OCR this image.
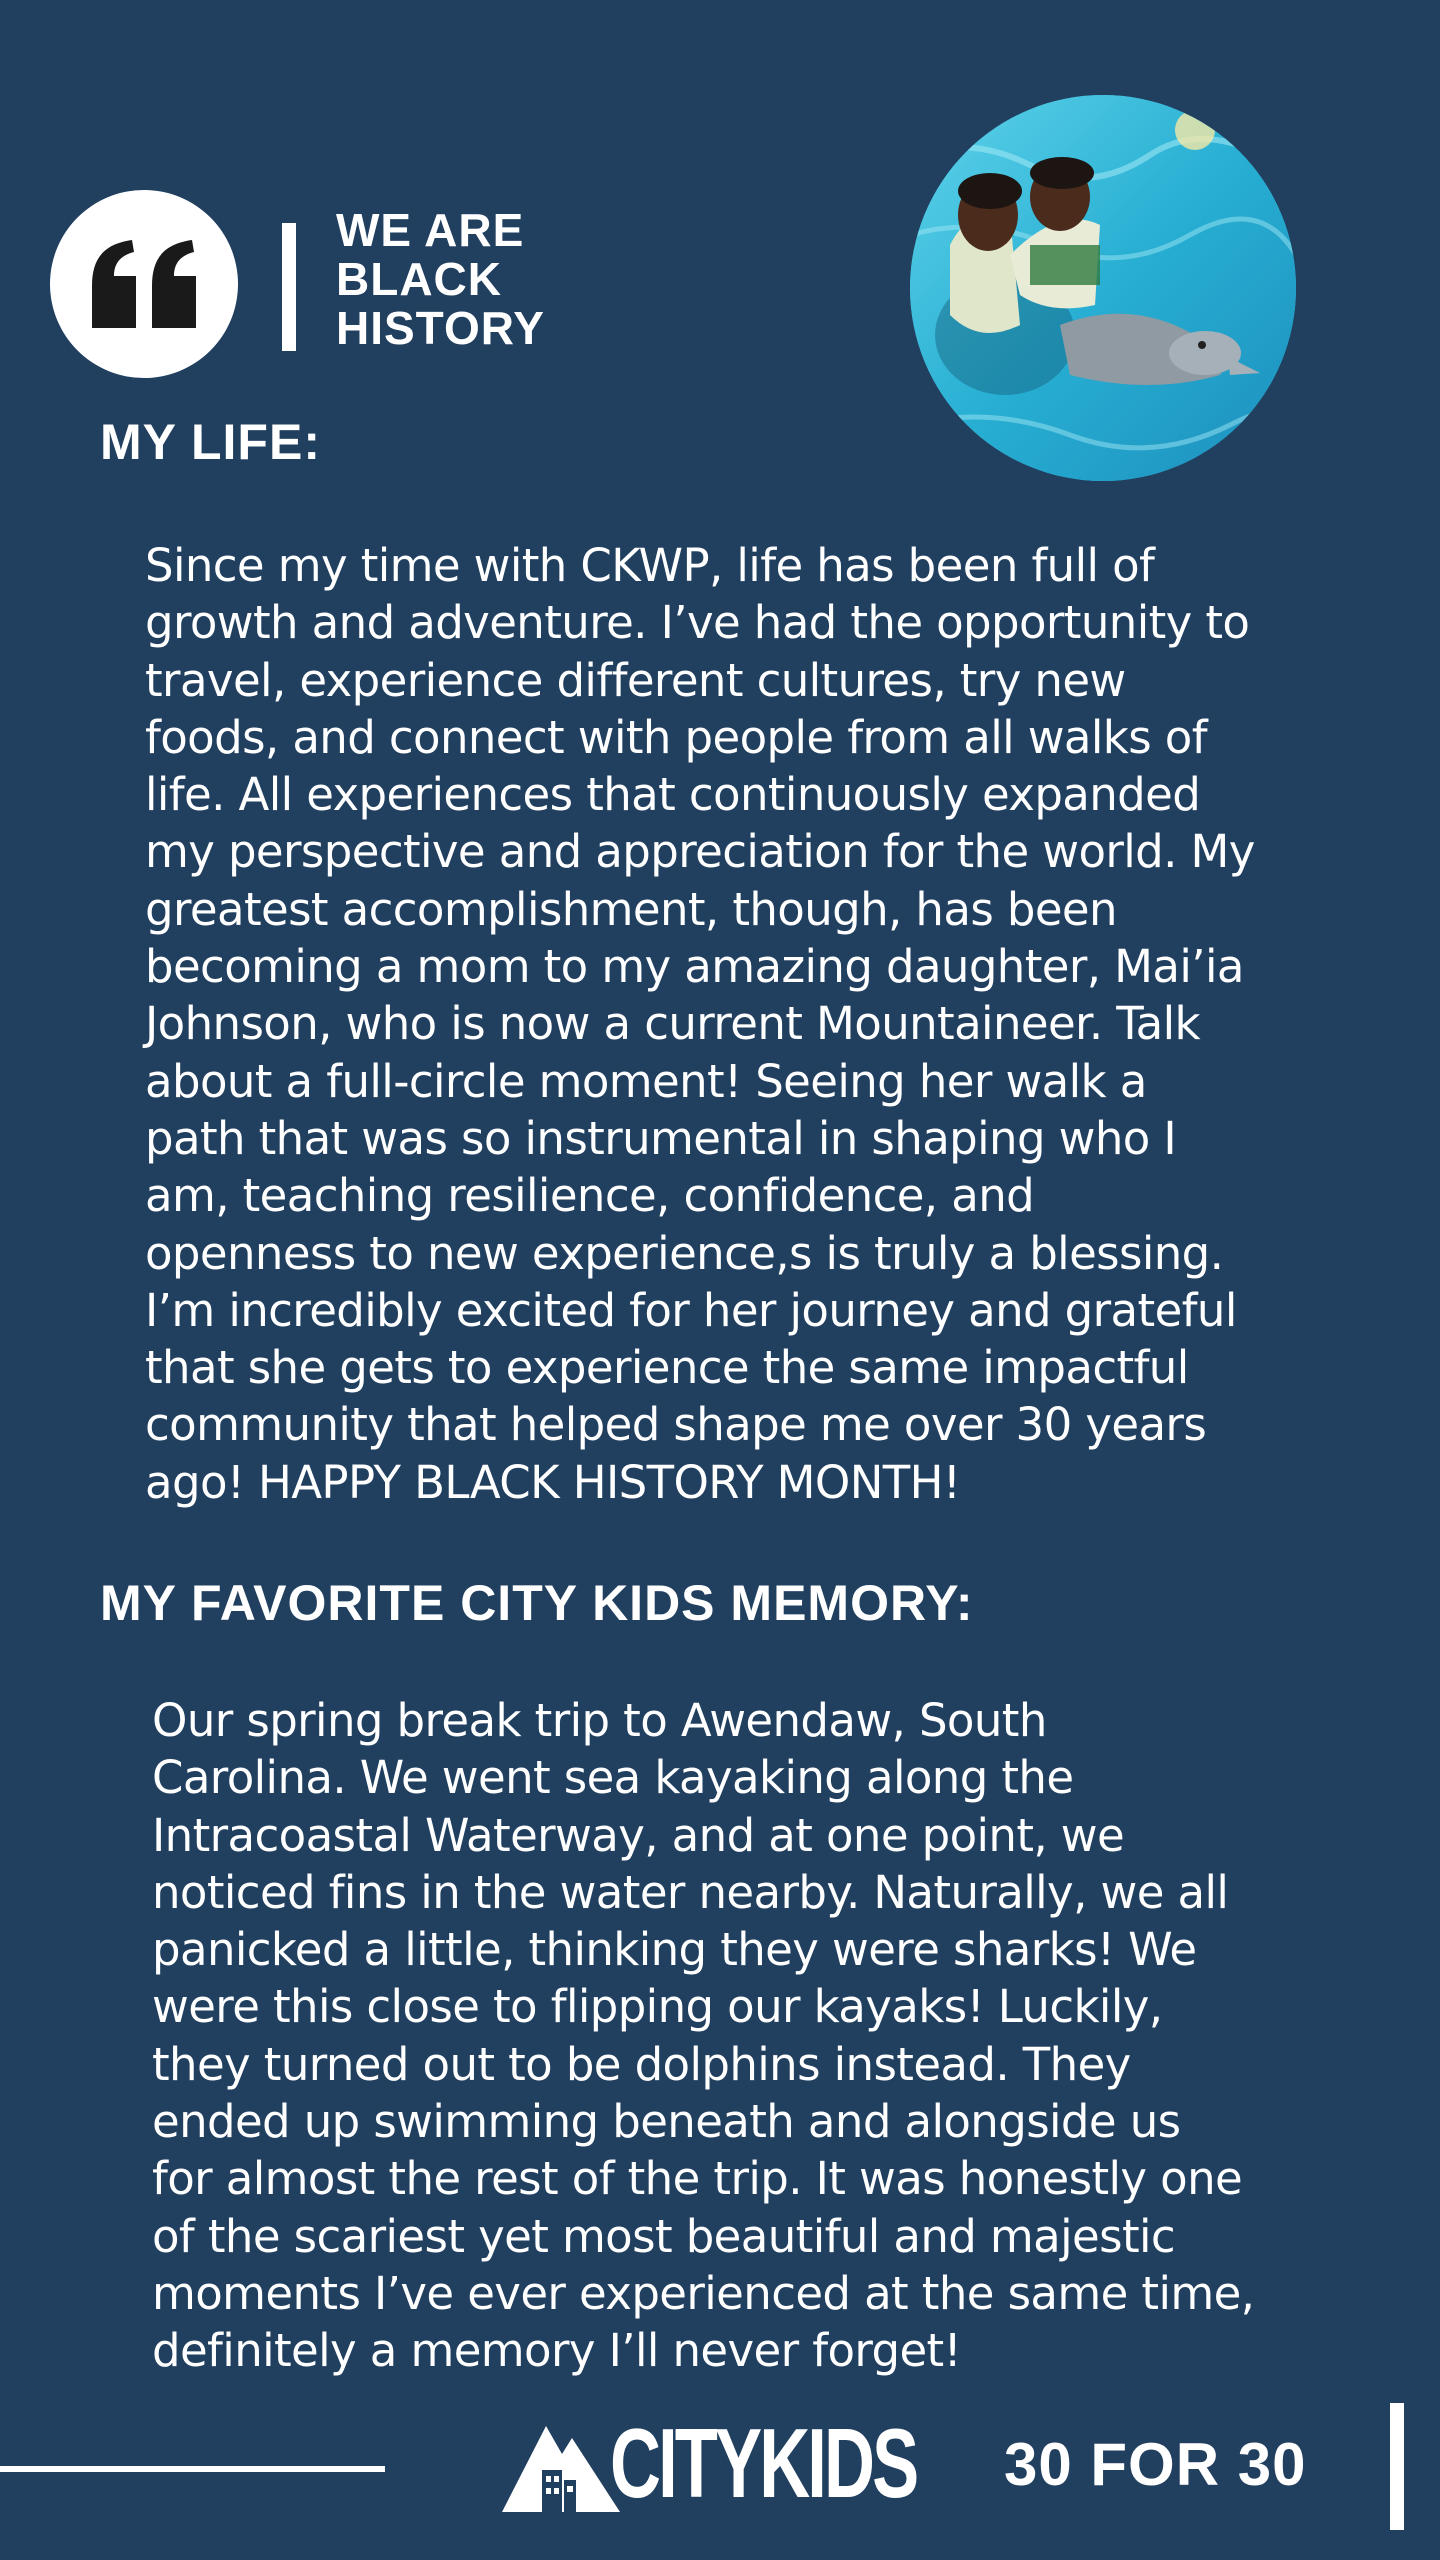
WE ARE
BLACK
HISTORY
MY LIFE:
Since my time with CKWP, life has been full of
growth and adventure. I’ve had the opportunity to
travel, experience different cultures, try new
foods, and connect with people from all walks of
life. All experiences that continuously expanded
my perspective and appreciation for the world. My
greatest accomplishment, though, has been
becoming a mom to my amazing daughter, Mai’ia
Johnson, who is now a current Mountaineer. Talk
about a full-circle moment! Seeing her walk a
path that was so instrumental in shaping who I
am, teaching resilience, confidence, and
openness to new experience,s is truly a blessing.
I’m incredibly excited for her journey and grateful
that she gets to experience the same impactful
community that helped shape me over 30 years
ago! HAPPY BLACK HISTORY MONTH!
MY FAVORITE CITY KIDS MEMORY:
Our spring break trip to Awendaw, South
Carolina. We went sea kayaking along the
Intracoastal Waterway, and at one point, we
noticed fins in the water nearby. Naturally, we all
panicked a little, thinking they were sharks! We
were this close to flipping our kayaks! Luckily,
they turned out to be dolphins instead. They
ended up swimming beneath and alongside us
for almost the rest of the trip. It was honestly one
of the scariest yet most beautiful and majestic
moments I’ve ever experienced at the same time,
definitely a memory I’ll never forget!
CITYKIDS 30 FOR 30
